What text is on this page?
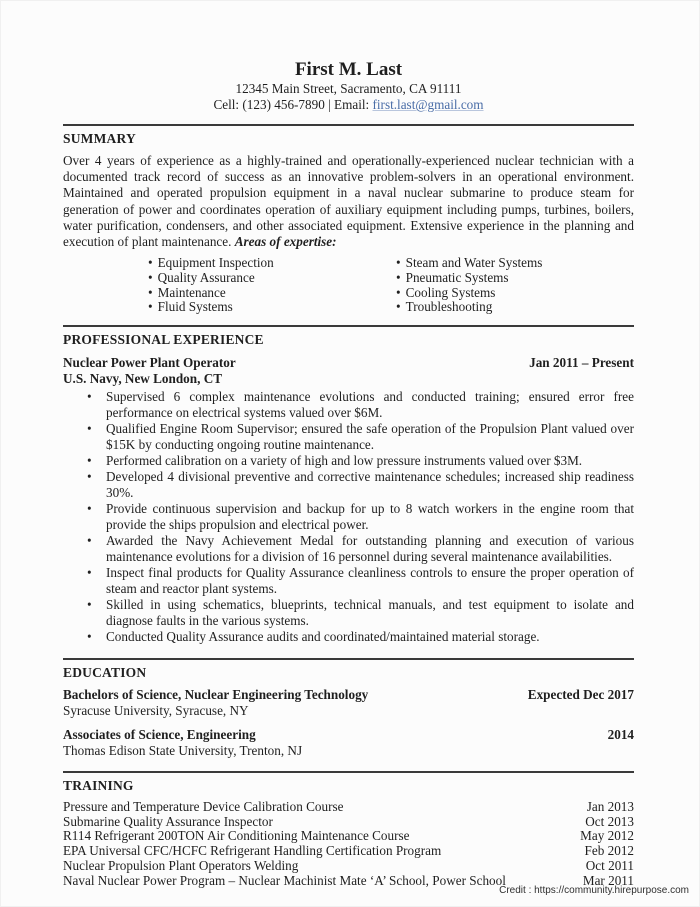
First M. Last
12345 Main Street, Sacramento, CA 91111
Cell: (123) 456-7890 | Email: first.last@gmail.com
SUMMARY
Over 4 years of experience as a highly-trained and operationally-experienced nuclear technician with a documented track record of success as an innovative problem-solvers in an operational environment. Maintained and operated propulsion equipment in a naval nuclear submarine to produce steam for generation of power and coordinates operation of auxiliary equipment including pumps, turbines, boilers, water purification, condensers, and other associated equipment. Extensive experience in the planning and execution of plant maintenance. Areas of expertise:
• Equipment Inspection
• Quality Assurance
• Maintenance
• Fluid Systems
• Steam and Water Systems
• Pneumatic Systems
• Cooling Systems
• Troubleshooting
PROFESSIONAL EXPERIENCE
Nuclear Power Plant Operator	Jan 2011 – Present
U.S. Navy, New London, CT
• Supervised 6 complex maintenance evolutions and conducted training; ensured error free performance on electrical systems valued over $6M.
• Qualified Engine Room Supervisor; ensured the safe operation of the Propulsion Plant valued over $15K by conducting ongoing routine maintenance.
• Performed calibration on a variety of high and low pressure instruments valued over $3M.
• Developed 4 divisional preventive and corrective maintenance schedules; increased ship readiness 30%.
• Provide continuous supervision and backup for up to 8 watch workers in the engine room that provide the ships propulsion and electrical power.
• Awarded the Navy Achievement Medal for outstanding planning and execution of various maintenance evolutions for a division of 16 personnel during several maintenance availabilities.
• Inspect final products for Quality Assurance cleanliness controls to ensure the proper operation of steam and reactor plant systems.
• Skilled in using schematics, blueprints, technical manuals, and test equipment to isolate and diagnose faults in the various systems.
• Conducted Quality Assurance audits and coordinated/maintained material storage.
EDUCATION
Bachelors of Science, Nuclear Engineering Technology	Expected Dec 2017
Syracuse University, Syracuse, NY
Associates of Science, Engineering	2014
Thomas Edison State University, Trenton, NJ
TRAINING
Pressure and Temperature Device Calibration Course	Jan 2013
Submarine Quality Assurance Inspector	Oct 2013
R114 Refrigerant 200TON Air Conditioning Maintenance Course	May 2012
EPA Universal CFC/HCFC Refrigerant Handling Certification Program	Feb 2012
Nuclear Propulsion Plant Operators Welding	Oct 2011
Naval Nuclear Power Program – Nuclear Machinist Mate ‘A’ School, Power School	Mar 2011
Credit : https://community.hirepurpose.com
